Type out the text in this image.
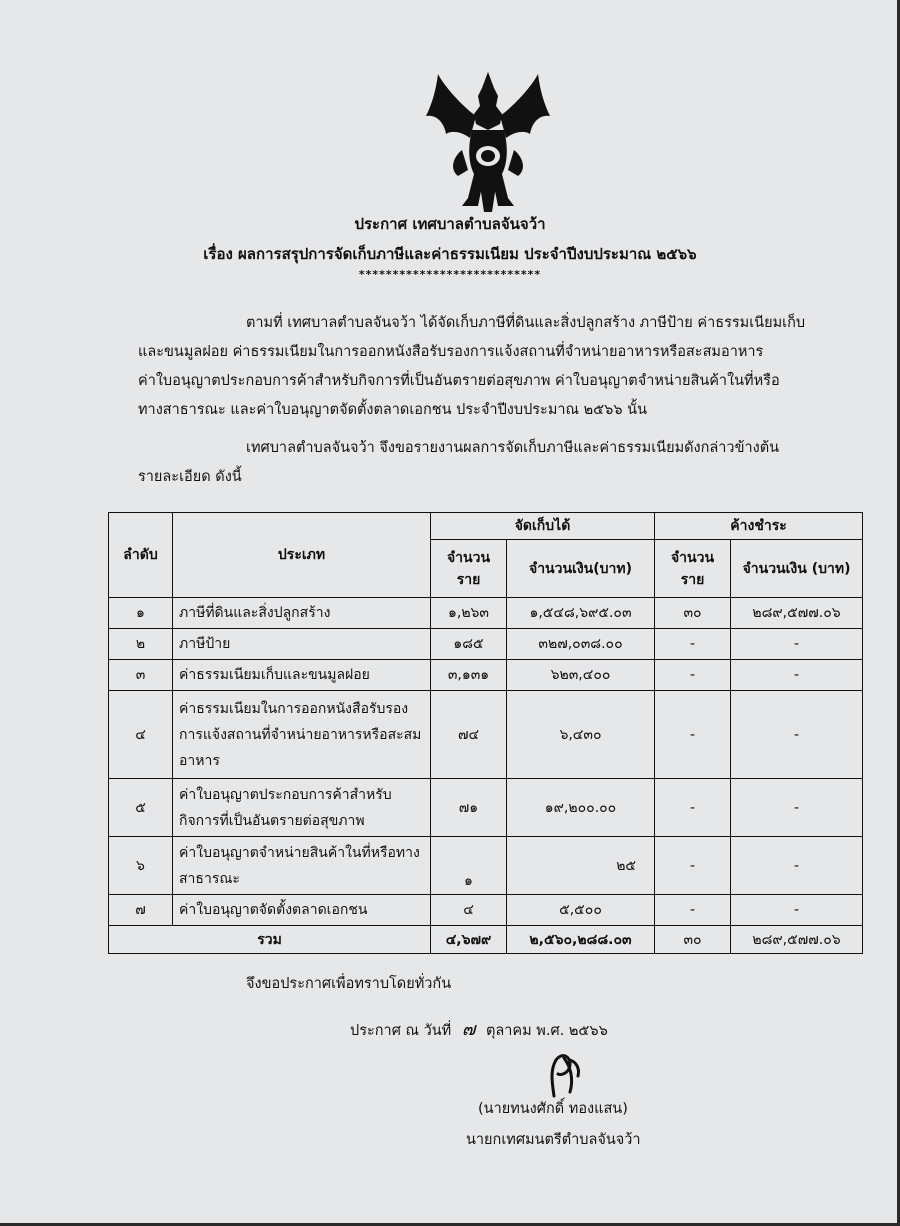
ประกาศ เทศบาลตำบลจันจว้า
เรื่อง ผลการสรุปการจัดเก็บภาษีและค่าธรรมเนียม ประจำปีงบประมาณ ๒๕๖๖
***************************
ตามที่ เทศบาลตำบลจันจว้า ได้จัดเก็บภาษีที่ดินและสิ่งปลูกสร้าง ภาษีป้าย ค่าธรรมเนียมเก็บ
และขนมูลฝอย ค่าธรรมเนียมในการออกหนังสือรับรองการแจ้งสถานที่จำหน่ายอาหารหรือสะสมอาหาร
ค่าใบอนุญาตประกอบการค้าสำหรับกิจการที่เป็นอันตรายต่อสุขภาพ ค่าใบอนุญาตจำหน่ายสินค้าในที่หรือ
ทางสาธารณะ และค่าใบอนุญาตจัดตั้งตลาดเอกชน ประจำปีงบประมาณ ๒๕๖๖ นั้น
เทศบาลตำบลจันจว้า จึงขอรายงานผลการจัดเก็บภาษีและค่าธรรมเนียมดังกล่าวข้างต้น
รายละเอียด ดังนี้
ลำดับ	ประเภท	จัดเก็บได้		ค้างชำระ	
		จำนวนราย	จำนวนเงิน(บาท)	จำนวนราย	จำนวนเงิน (บาท)
๑	ภาษีที่ดินและสิ่งปลูกสร้าง	๑,๒๖๓	๑,๕๔๘,๖๙๕.๐๓	๓๐	๒๘๙,๕๗๗.๐๖
๒	ภาษีป้าย	๑๘๕	๓๒๗,๐๓๘.๐๐	-	-
๓	ค่าธรรมเนียมเก็บและขนมูลฝอย	๓,๑๓๑	๖๒๓,๔๐๐	-	-
๔	ค่าธรรมเนียมในการออกหนังสือรับรองการแจ้งสถานที่จำหน่ายอาหารหรือสะสมอาหาร	๗๔	๖,๔๓๐	-	-
๕	ค่าใบอนุญาตประกอบการค้าสำหรับกิจการที่เป็นอันตรายต่อสุขภาพ	๗๑	๑๙,๒๐๐.๐๐	-	-
๖	ค่าใบอนุญาตจำหน่ายสินค้าในที่หรือทางสาธารณะ	๑	๒๕	-	-
๗	ค่าใบอนุญาตจัดตั้งตลาดเอกชน	๔	๕,๕๐๐	-	-
รวม		๔,๖๗๙	๒,๕๖๐,๒๘๘.๐๓	๓๐	๒๘๙,๕๗๗.๐๖
จึงขอประกาศเพื่อทราบโดยทั่วกัน
ประกาศ ณ วันที่ ๗ ตุลาคม พ.ศ. ๒๕๖๖
(นายทนงศักดิ์ ทองแสน)
นายกเทศมนตรีตำบลจันจว้า
